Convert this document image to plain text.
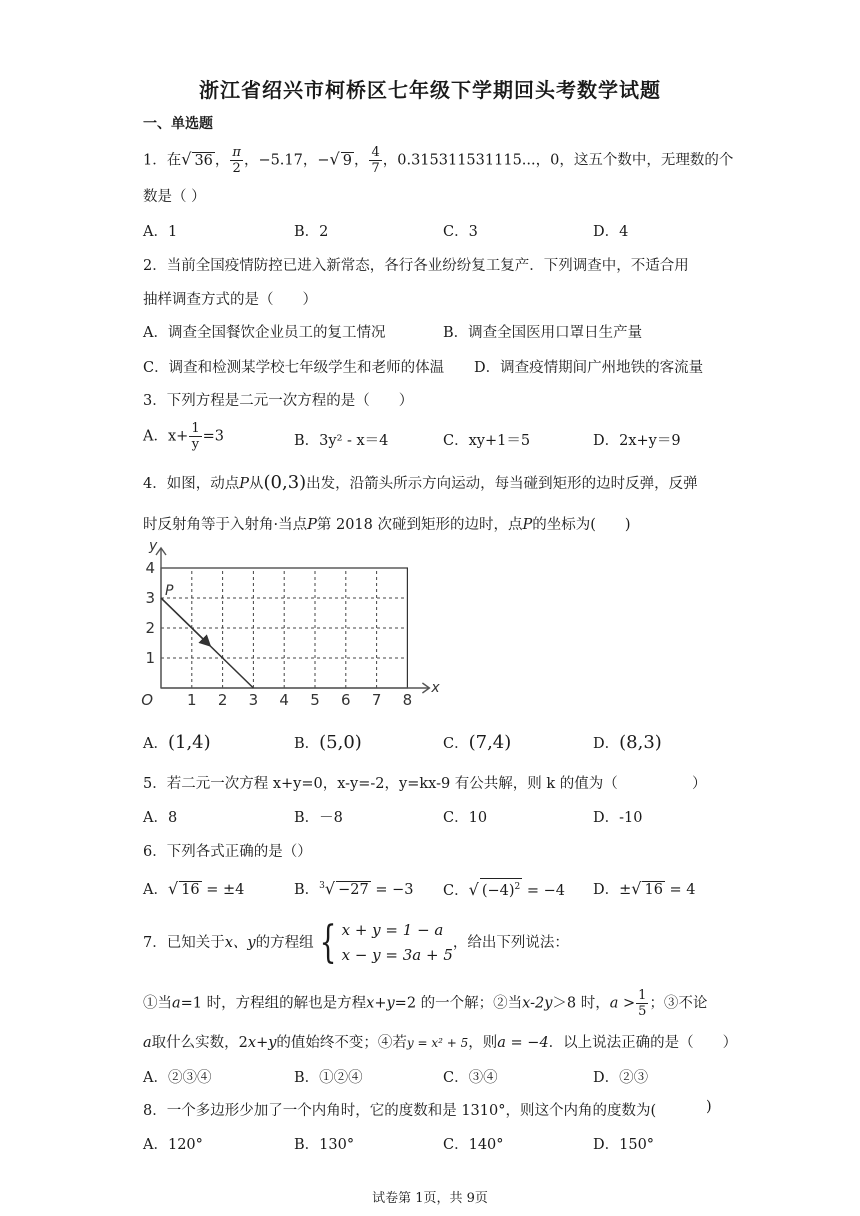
浙江省绍兴市柯桥区七年级下学期回头考数学试题
一、单选题
1．在√ 36 ， $\frac{\pi}{2}$ ，−5.17，−√ 9 ， $\frac{4}{7}$ ，0.315311531115...，0，这五个数中，无理数的个
数是（ ）
A．1	B．2	C．3	D．4
2．当前全国疫情防控已进入新常态，各行各业纷纷复工复产．下列调查中，不适合用
抽样调查方式的是（　　）
A．调查全国餐饮企业员工的复工情况	B．调查全国医用口罩日生产量
C．调查和检测某学校七年级学生和老师的体温 D．调查疫情期间广州地铁的客流量
3．下列方程是二元一次方程的是（　　）
A．$x+ \frac{1}{y} =3$	B．3y² - x＝4	C．xy+1＝5	D．2x+y＝9
4．如图，动点P从(0,3)出发，沿箭头所示方向运动，每当碰到矩形的边时反弹，反弹
时反射角等于入射角·当点P第 2018 次碰到矩形的边时，点P的坐标为(　　)
1 2 3 4 5 6 7 8
1
2
3
4
O
x
y
P
A．(1,4)	B．(5,0)	C．(7,4)	D．(8,3)
5．若二元一次方程 x+y=0，x-y=-2，y=kx-9 有公共解，则 k 的值为（	）
A．8	B．－8	C．10	D．-10
6．下列各式正确的是（）
A．√ 16 = ±4	B．$^3$√ −27 = −3 C．√ $(-4)^2 = -4$ D．±√ 16 = 4
7．已知关于x、y的方程组 { x + y = 1 − a
x − y = 3a + 5
，给出下列说法：
①当a=1 时，方程组的解也是方程x+y=2 的一个解；②当x-2y＞8 时，$a > \frac{1}{5}$ ；③不论
a取什么实数，2x+y的值始终不变；④若y = x² + 5，则a = −4．以上说法正确的是（　　）
A．②③④	B．①②④	C．③④	D．②③
8．一个多边形少加了一个内角时，它的度数和是 1310°，则这个内角的度数为(	)
A．120°	B．130°	C．140°	D．150°
试卷第 1页，共 9页
